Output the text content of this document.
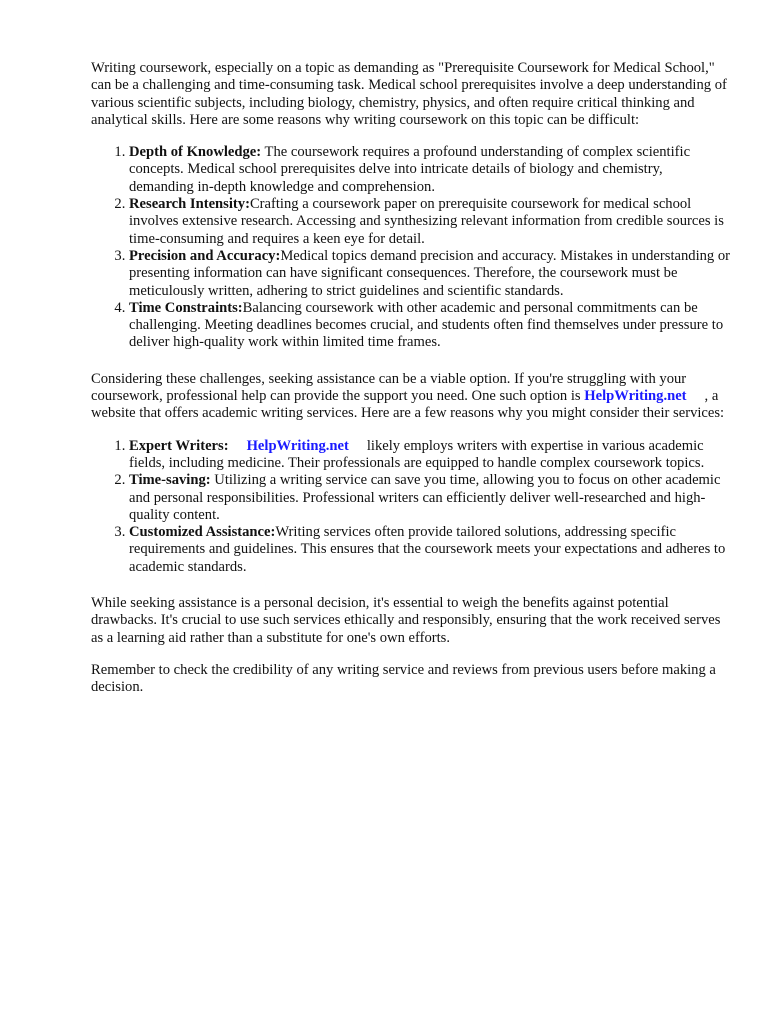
Writing coursework, especially on a topic as demanding as "Prerequisite Coursework for Medical School," can be a challenging and time-consuming task. Medical school prerequisites involve a deep understanding of various scientific subjects, including biology, chemistry, physics, and often require critical thinking and analytical skills. Here are some reasons why writing coursework on this topic can be difficult:

1. Depth of Knowledge: The coursework requires a profound understanding of complex scientific concepts. Medical school prerequisites delve into intricate details of biology and chemistry, demanding in-depth knowledge and comprehension.
2. Research Intensity:Crafting a coursework paper on prerequisite coursework for medical school involves extensive research. Accessing and synthesizing relevant information from credible sources is time-consuming and requires a keen eye for detail.
3. Precision and Accuracy:Medical topics demand precision and accuracy. Mistakes in understanding or presenting information can have significant consequences. Therefore, the coursework must be meticulously written, adhering to strict guidelines and scientific standards.
4. Time Constraints:Balancing coursework with other academic and personal commitments can be challenging. Meeting deadlines becomes crucial, and students often find themselves under pressure to deliver high-quality work within limited time frames.

Considering these challenges, seeking assistance can be a viable option. If you're struggling with your coursework, professional help can provide the support you need. One such option is HelpWriting.net , a website that offers academic writing services. Here are a few reasons why you might consider their services:

1. Expert Writers: HelpWriting.net likely employs writers with expertise in various academic fields, including medicine. Their professionals are equipped to handle complex coursework topics.
2. Time-saving: Utilizing a writing service can save you time, allowing you to focus on other academic and personal responsibilities. Professional writers can efficiently deliver well-researched and high-quality content.
3. Customized Assistance:Writing services often provide tailored solutions, addressing specific requirements and guidelines. This ensures that the coursework meets your expectations and adheres to academic standards.

While seeking assistance is a personal decision, it's essential to weigh the benefits against potential drawbacks. It's crucial to use such services ethically and responsibly, ensuring that the work received serves as a learning aid rather than a substitute for one's own efforts.

Remember to check the credibility of any writing service and reviews from previous users before making a decision.
